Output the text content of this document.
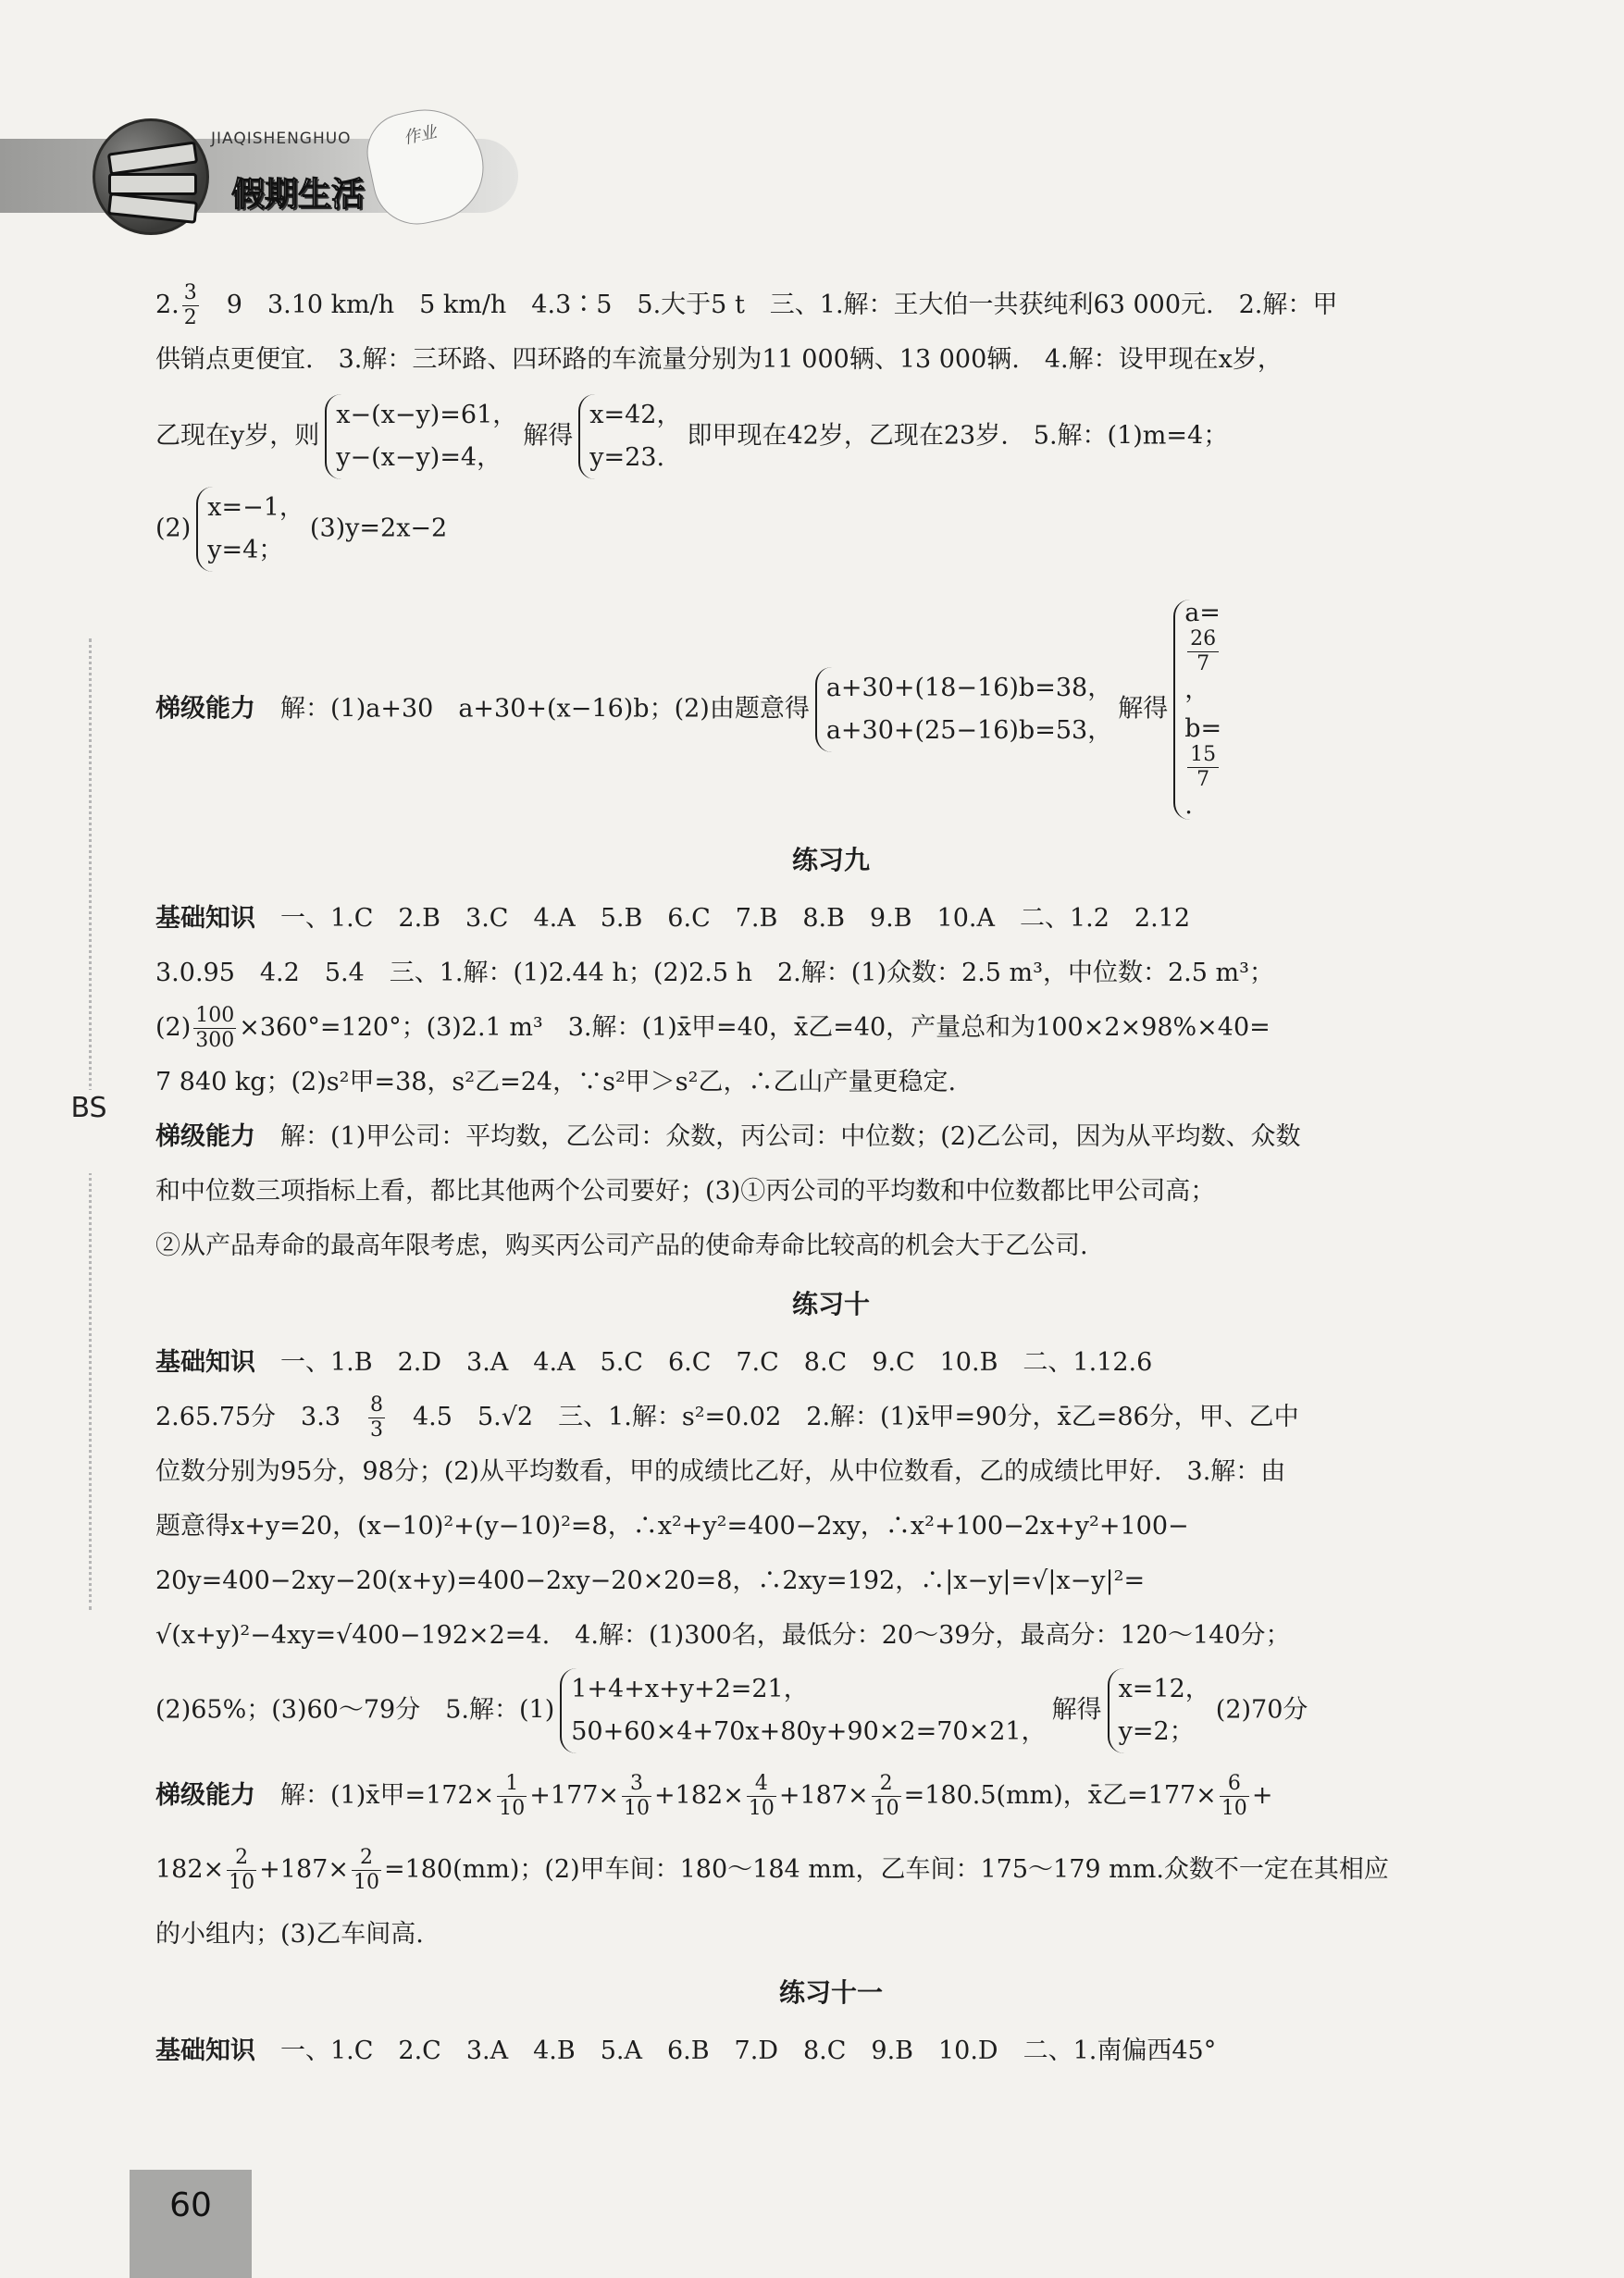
JIAQISHENGHUO
假期生活
作业
BS
2. $\frac{3}{2}$ 　9　3.10 km/h　5 km/h　4.3∶5　5.大于5 t　三、1.解：王大伯一共获纯利63 000元.　2.解：甲
供销点更便宜.　3.解：三环路、四环路的车流量分别为11 000辆、13 000辆.　4.解：设甲现在x岁，
乙现在y岁，则
x−(x−y)=61，
y−(x−y)=4，
解得
x=42，
y=23.
即甲现在42岁，乙现在23岁.　5.解：(1)m=4；
(2)
x=−1，
y=4；
(3)y=2x−2
梯级能力　 解：(1)a+30　a+30+(x−16)b；(2)由题意得
a+30+(18−16)b=38，
a+30+(25−16)b=53，
解得
a=
26
7
，
b=
15
7
.
练习九
基础知识　 一、1.C　2.B　3.C　4.A　5.B　6.C　7.B　8.B　9.B　10.A　二、1.2　2.12
3.0.95　4.2　5.4　三、1.解：(1)2.44 h；(2)2.5 h　2.解：(1)众数：2.5 m³，中位数：2.5 m³；
$(2) \frac{100}{300} \times 360^\circ=120^\circ$；(3)2.1 m³　3.解：(1)x̄甲=40，x̄乙=40，产量总和为100×2×98%×40=
7 840 kg；(2)s²甲=38，s²乙=24，∵s²甲＞s²乙，∴乙山产量更稳定.
梯级能力　 解：(1)甲公司：平均数，乙公司：众数，丙公司：中位数；(2)乙公司，因为从平均数、众数
和中位数三项指标上看，都比其他两个公司要好；(3)①丙公司的平均数和中位数都比甲公司高；
②从产品寿命的最高年限考虑，购买丙公司产品的使命寿命比较高的机会大于乙公司.
练习十
基础知识　 一、1.B　2.D　3.A　4.A　5.C　6.C　7.C　8.C　9.C　10.B　二、1.12.6
2.65.75分　3.3　 $\frac{8}{3}$ 　4.5　5.√2　三、1.解：s²=0.02　2.解：(1)x̄甲=90分，x̄乙=86分，甲、乙中
位数分别为95分，98分；(2)从平均数看，甲的成绩比乙好，从中位数看，乙的成绩比甲好.　3.解：由
题意得x+y=20，(x−10)²+(y−10)²=8，∴x²+y²=400−2xy，∴x²+100−2x+y²+100−
20y=400−2xy−20(x+y)=400−2xy−20×20=8，∴2xy=192，∴|x−y|=√|x−y|²=
√(x+y)²−4xy=√400−192×2=4.　4.解：(1)300名，最低分：20～39分，最高分：120～140分；
(2)65%；(3)60～79分　5.解：(1)
1+4+x+y+2=21，
50+60×4+70x+80y+90×2=70×21，
解得
x=12，
y=2；
(2)70分
梯级能力　 解：(1)x̄甲$=172\times \frac{1}{10} +177\times \frac{3}{10} +182\times \frac{4}{10} +187\times \frac{2}{10} =180.5(mm)$，x̄乙$=177\times \frac{6}{10}$ +
$182\times \frac{2}{10} +187\times \frac{2}{10} =180(mm)$；(2)甲车间：180～184 mm，乙车间：175～179 mm.众数不一定在其相应
的小组内；(3)乙车间高.
练习十一
基础知识　 一、1.C　2.C　3.A　4.B　5.A　6.B　7.D　8.C　9.B　10.D　二、1.南偏西45°
60
